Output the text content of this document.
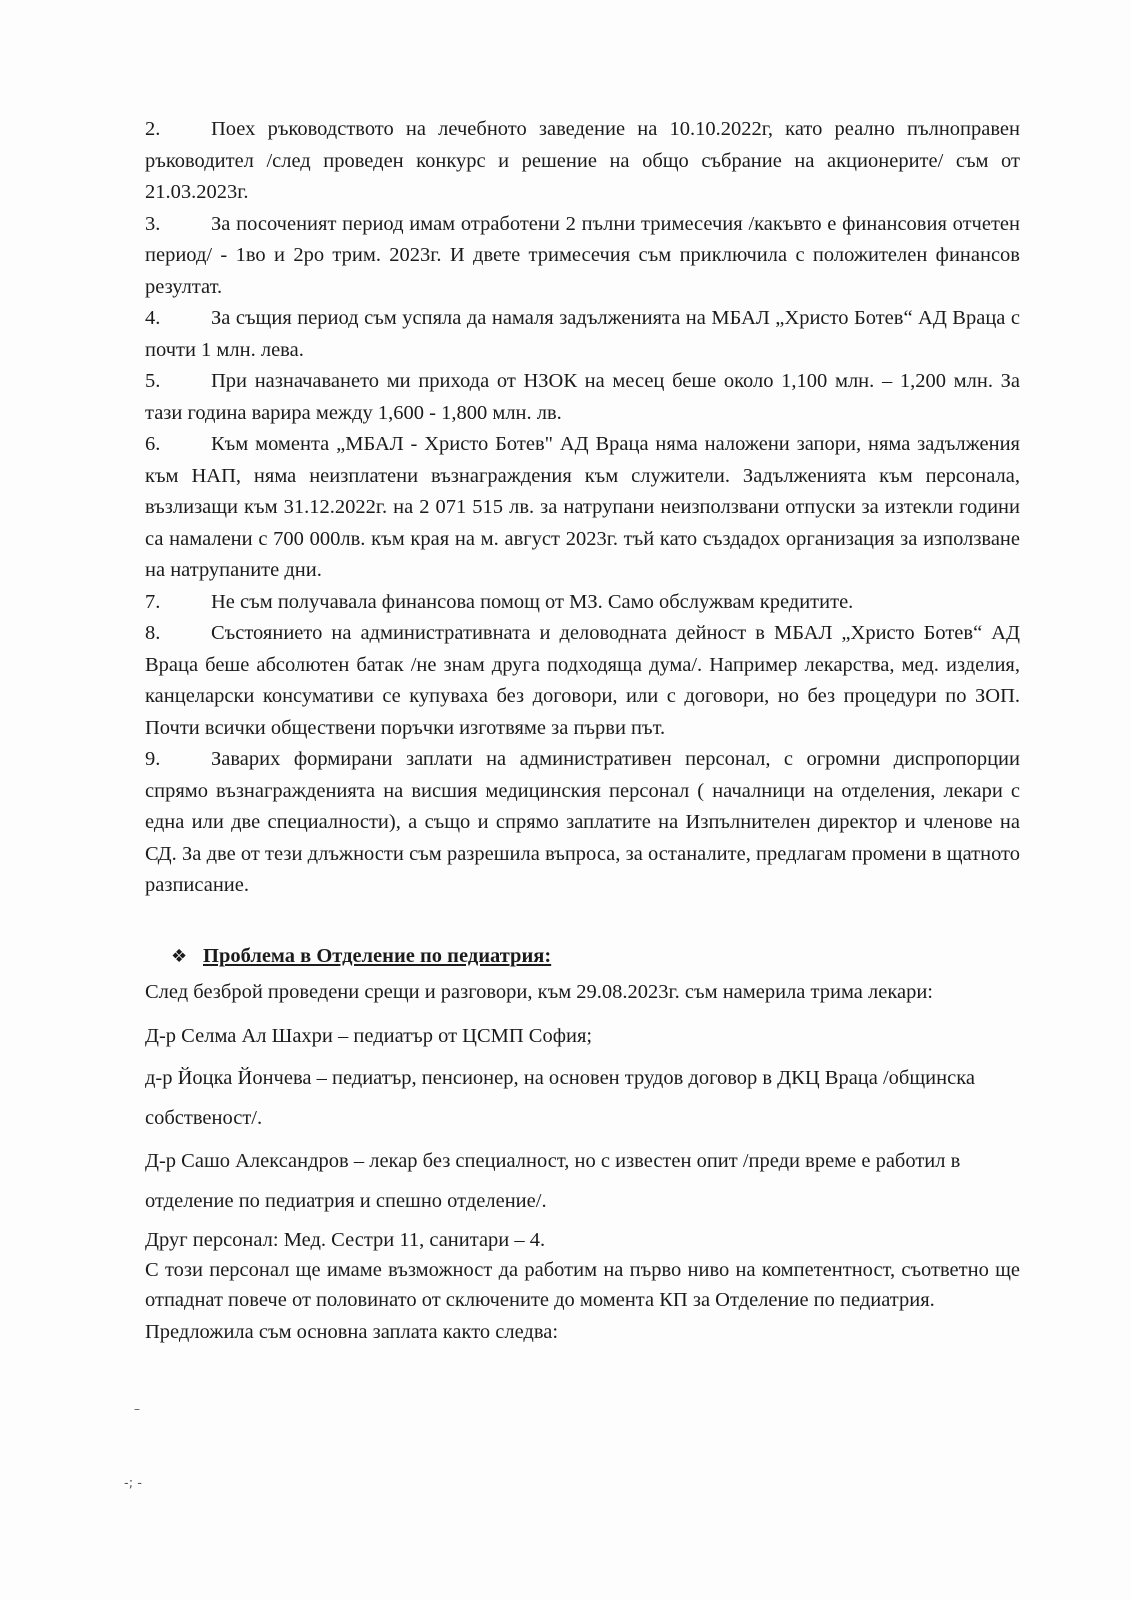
2. Поех ръководството на лечебното заведение на 10.10.2022г, като реално пълноправен ръководител /след проведен конкурс и решение на общо събрание на акционерите/ съм от 21.03.2023г.

3. За посоченият период имам отработени 2 пълни тримесечия /какъвто е финансовия отчетен период/ - 1во и 2ро трим. 2023г. И двете тримесечия съм приключила с положителен финансов резултат.

4. За същия период съм успяла да намаля задълженията на МБАЛ „Христо Ботев“ АД Враца с почти 1 млн. лева.

5. При назначаването ми прихода от НЗОК на месец беше около 1,100 млн. – 1,200 млн. За тази година варира между 1,600 - 1,800 млн. лв.

6. Към момента „МБАЛ - Христо Ботев" АД Враца няма наложени запори, няма задължения към НАП, няма неизплатени възнаграждения към служители. Задълженията към персонала, възлизащи към 31.12.2022г. на 2 071 515 лв. за натрупани неизползвани отпуски за изтекли години са намалени с 700 000лв. към края на м. август 2023г. тъй като създадох организация за използване на натрупаните дни.

7. Не съм получавала финансова помощ от МЗ. Само обслужвам кредитите.

8. Състоянието на административната и деловодната дейност в МБАЛ „Христо Ботев“ АД Враца беше абсолютен батак /не знам друга подходяща дума/. Например лекарства, мед. изделия, канцеларски консумативи се купуваха без договори, или с договори, но без процедури по ЗОП. Почти всички обществени поръчки изготвяме за първи път.

9. Заварих формирани заплати на административен персонал, с огромни диспропорции спрямо възнагражденията на висшия медицинския персонал ( началници на отделения, лекари с една или две специалности), а също и спрямо заплатите на Изпълнителен директор и членове на СД. За две от тези длъжности съм разрешила въпроса, за останалите, предлагам промени в щатното разписание.

❖ Проблема в Отделение по педиатрия:

След безброй проведени срещи и разговори, към 29.08.2023г. съм намерила трима лекари:

Д-р Селма Ал Шахри – педиатър от ЦСМП София;

д-р Йоцка Йончева – педиатър, пенсионер, на основен трудов договор в ДКЦ Враца /общинска собственост/.

Д-р Сашо Александров – лекар без специалност, но с известен опит /преди време е работил в отделение по педиатрия и спешно отделение/.

Друг персонал: Мед. Сестри 11, санитари – 4.

С този персонал ще имаме възможност да работим на първо ниво на компетентност, съответно ще отпаднат повече от половинато от сключените до момента КП за Отделение по педиатрия.

Предложила съм основна заплата както следва:

–
-; ‑
